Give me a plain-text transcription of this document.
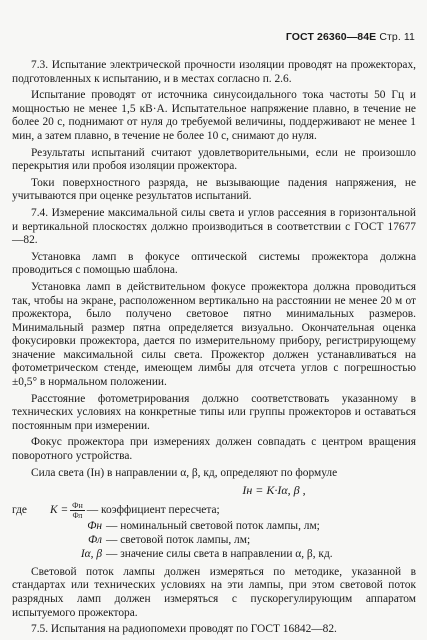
ГОСТ 26360—84Е Стр. 11

7.3. Испытание электрической прочности изоляции проводят на прожекторах, подготовленных к испытанию, и в местах согласно п. 2.6.

Испытание проводят от источника синусоидального тока частоты 50 Гц и мощностью не менее 1,5 кВ·А. Испытательное напряжение плавно, в течение не более 20 с, поднимают от нуля до требуемой величины, поддерживают не менее 1 мин, а затем плавно, в течение не более 10 с, снимают до нуля.

Результаты испытаний считают удовлетворительными, если не произошло перекрытия или пробоя изоляции прожектора.

Токи поверхностного разряда, не вызывающие падения напряжения, не учитываются при оценке результатов испытаний.

7.4. Измерение максимальной силы света и углов рассеяния в горизонтальной и вертикальной плоскостях должно производиться в соответствии с ГОСТ 17677—82.

Установка ламп в фокусе оптической системы прожектора должна проводиться с помощью шаблона.

Установка ламп в действительном фокусе прожектора должна проводиться так, чтобы на экране, расположенном вертикально на расстоянии не менее 20 м от прожектора, было получено световое пятно минимальных размеров. Минимальный размер пятна определяется визуально. Окончательная оценка фокусировки прожектора, дается по измерительному прибору, регистрирующему значение максимальной силы света. Прожектор должен устанавливаться на фотометрическом стенде, имеющем лимбы для отсчета углов с погрешностью ±0,5° в нормальном положении.

Расстояние фотометрирования должно соответствовать указанному в технических условиях на конкретные типы или группы прожекторов и оставаться постоянным при измерении.

Фокус прожектора при измерениях должен совпадать с центром вращения поворотного устройства.

Сила света (Iн) в направлении α, β, кд, определяют по формуле

Iн = K·Iα, β ,
где	$K = \frac{Фн}{Фл}$ — коэффициент пересчета;
Фн — номинальный световой поток лампы, лм;
Фл — световой поток лампы, лм;
Iα, β — значение силы света в направлении α, β, кд.

Световой поток лампы должен измеряться по методике, указанной в стандартах или технических условиях на эти лампы, при этом световой поток разрядных ламп должен измеряться с пускорегулирующим аппаратом испытуемого прожектора.

7.5. Испытания на радиопомехи проводят по ГОСТ 16842—82.
